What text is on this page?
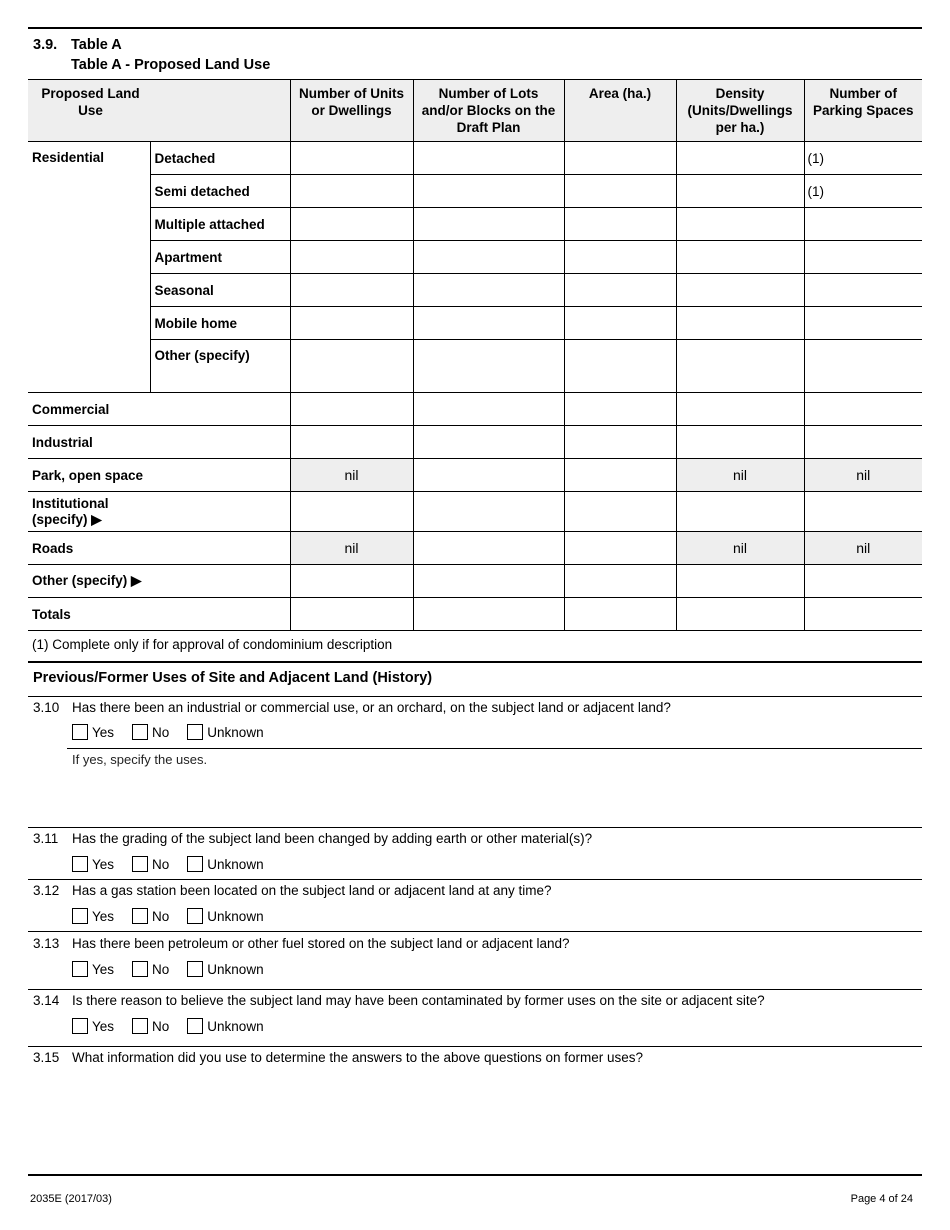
3.9. Table A
Table A - Proposed Land Use
Proposed Land Use		Number of Units or Dwellings	Number of Lots and/or Blocks on the Draft Plan	Area (ha.)	Density (Units/Dwellings per ha.)	Number of Parking Spaces
Residential	Detached					(1)
	Semi detached					(1)
	Multiple attached					
	Apartment					
	Seasonal					
	Mobile home					
	Other (specify)					
Commercial						
Industrial						
Park, open space		nil			nil	nil

Institutional
(specify) ▶						

Roads		nil			nil	nil
Other (specify) ▶						
Totals						
(1) Complete only if for approval of condominium description
Previous/Former Uses of Site and Adjacent Land (History)
3.10 Has there been an industrial or commercial use, or an orchard, on the subject land or adjacent land?
Yes	No	Unknown
If yes, specify the uses.
3.11 Has the grading of the subject land been changed by adding earth or other material(s)?
Yes	No	Unknown
3.12 Has a gas station been located on the subject land or adjacent land at any time?
Yes	No	Unknown
3.13 Has there been petroleum or other fuel stored on the subject land or adjacent land?
Yes	No	Unknown
3.14 Is there reason to believe the subject land may have been contaminated by former uses on the site or adjacent site?
Yes	No	Unknown
3.15 What information did you use to determine the answers to the above questions on former uses?
2035E (2017/03)	Page 4 of 24
